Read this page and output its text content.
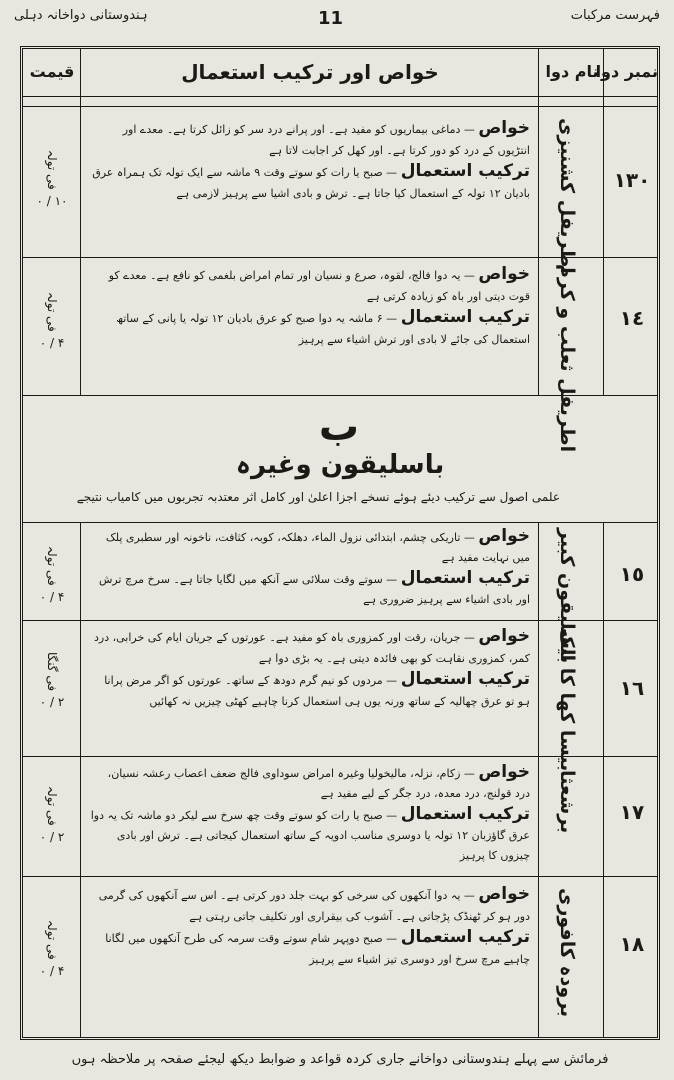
فہرست مرکبات
11
ہندوستانی دواخانہ دہلی
نمبر دوا
نام دوا
خواص اور ترکیب استعمال
قیمت
١٣٠
اطریفل کشنیزی

خواص — دماغی بیماریوں کو مفید ہے۔ اور پرانے درد سر کو زائل کرتا ہے۔ معدے اور انتڑیوں کے درد کو دور کرتا ہے۔ اور کھل کر اجابت لاتا ہے

ترکیب استعمال — صبح یا رات کو سوتے وقت ۹ ماشہ سے ایک تولہ تک ہمراہ عرق بادیان ۱۲ تولہ کے استعمال کیا جاتا ہے۔ ترش و بادی اشیا سے پرہیز لازمی ہے

فی تولہ
۱۰ / ۰
١٤
اطریفل ثعلب و کرم

خواص — یہ دوا فالج، لقوہ، صرع و نسیان اور تمام امراض بلغمی کو نافع ہے۔ معدے کو قوت دیتی اور باہ کو زیادہ کرتی ہے

ترکیب استعمال — ۶ ماشہ یہ دوا صبح کو عرق بادیان ۱۲ تولہ یا پانی کے ساتھ استعمال کی جائے لا بادی اور ترش اشیاء سے پرہیز

فی تولہ
۴ / ۰
ب
باسلیقون وغیرہ
علمی اصول سے ترکیب دیئے ہوئے نسخے اجزا اعلیٰ اور کامل اثر معتدبہ تجربوں میں کامیاب نتیجے
١٥
باسلیقون کبیر

خواص — تاریکی چشم، ابتدائی نزول الماء، دھلکہ، کوبہ، کثافت، ناخونہ اور سطبری پلک میں نہایت مفید ہے

ترکیب استعمال — سوتے وقت سلائی سے آنکھ میں لگایا جاتا ہے۔ سرخ مرچ ترش اور بادی اشیاء سے پرہیز ضروری ہے

فی تولہ
۴ / ۰
١٦
بیسا کھا کا ایک

خواص — جریان، رقت اور کمزوری باہ کو مفید ہے۔ عورتوں کے جریان ایام کی خرابی، درد کمر، کمزوری نقاہت کو بھی فائدہ دیتی ہے۔ یہ بڑی دوا ہے

ترکیب استعمال — مردوں کو نیم گرم دودھ کے ساتھ۔ عورتوں کو اگر مرض پرانا ہو تو عرق چھالیہ کے ساتھ ورنہ یوں ہی استعمال کرنا چاہیے کھٹی چیزیں نہ کھائیں

فی گنگا
۲ / ۰
١٧
برشعثا

خواص — زکام، نزلہ، مالیخولیا وغیرہ امراض سوداوی فالج ضعف اعصاب رعشہ نسیان، درد قولنج، درد معدہ، درد جگر کے لیے مفید ہے

ترکیب استعمال — صبح یا رات کو سوتے وقت چھ سرخ سے لیکر دو ماشہ تک یہ دوا عرق گاؤزبان ۱۲ تولہ یا دوسری مناسب ادویہ کے ساتھ استعمال کیجاتی ہے۔ ترش اور بادی چیزوں کا پرہیز

فی تولہ
۲ / ۰
١٨
برودہ کافوری

خواص — یہ دوا آنکھوں کی سرخی کو بہت جلد دور کرتی ہے۔ اس سے آنکھوں کی گرمی دور ہو کر ٹھنڈک پڑجاتی ہے۔ آشوب کی بیقراری اور تکلیف جاتی رہتی ہے

ترکیب استعمال — صبح دوپہر شام سوتے وقت سرمہ کی طرح آنکھوں میں لگانا چاہیے مرچ سرخ اور دوسری تیز اشیاء سے پرہیز

فی تولہ
۴ / ۰
فرمائش سے پہلے ہندوستانی دواخانے جاری کردہ قواعد و ضوابط دیکھ لیجئے صفحہ پر ملاحظہ ہوں
